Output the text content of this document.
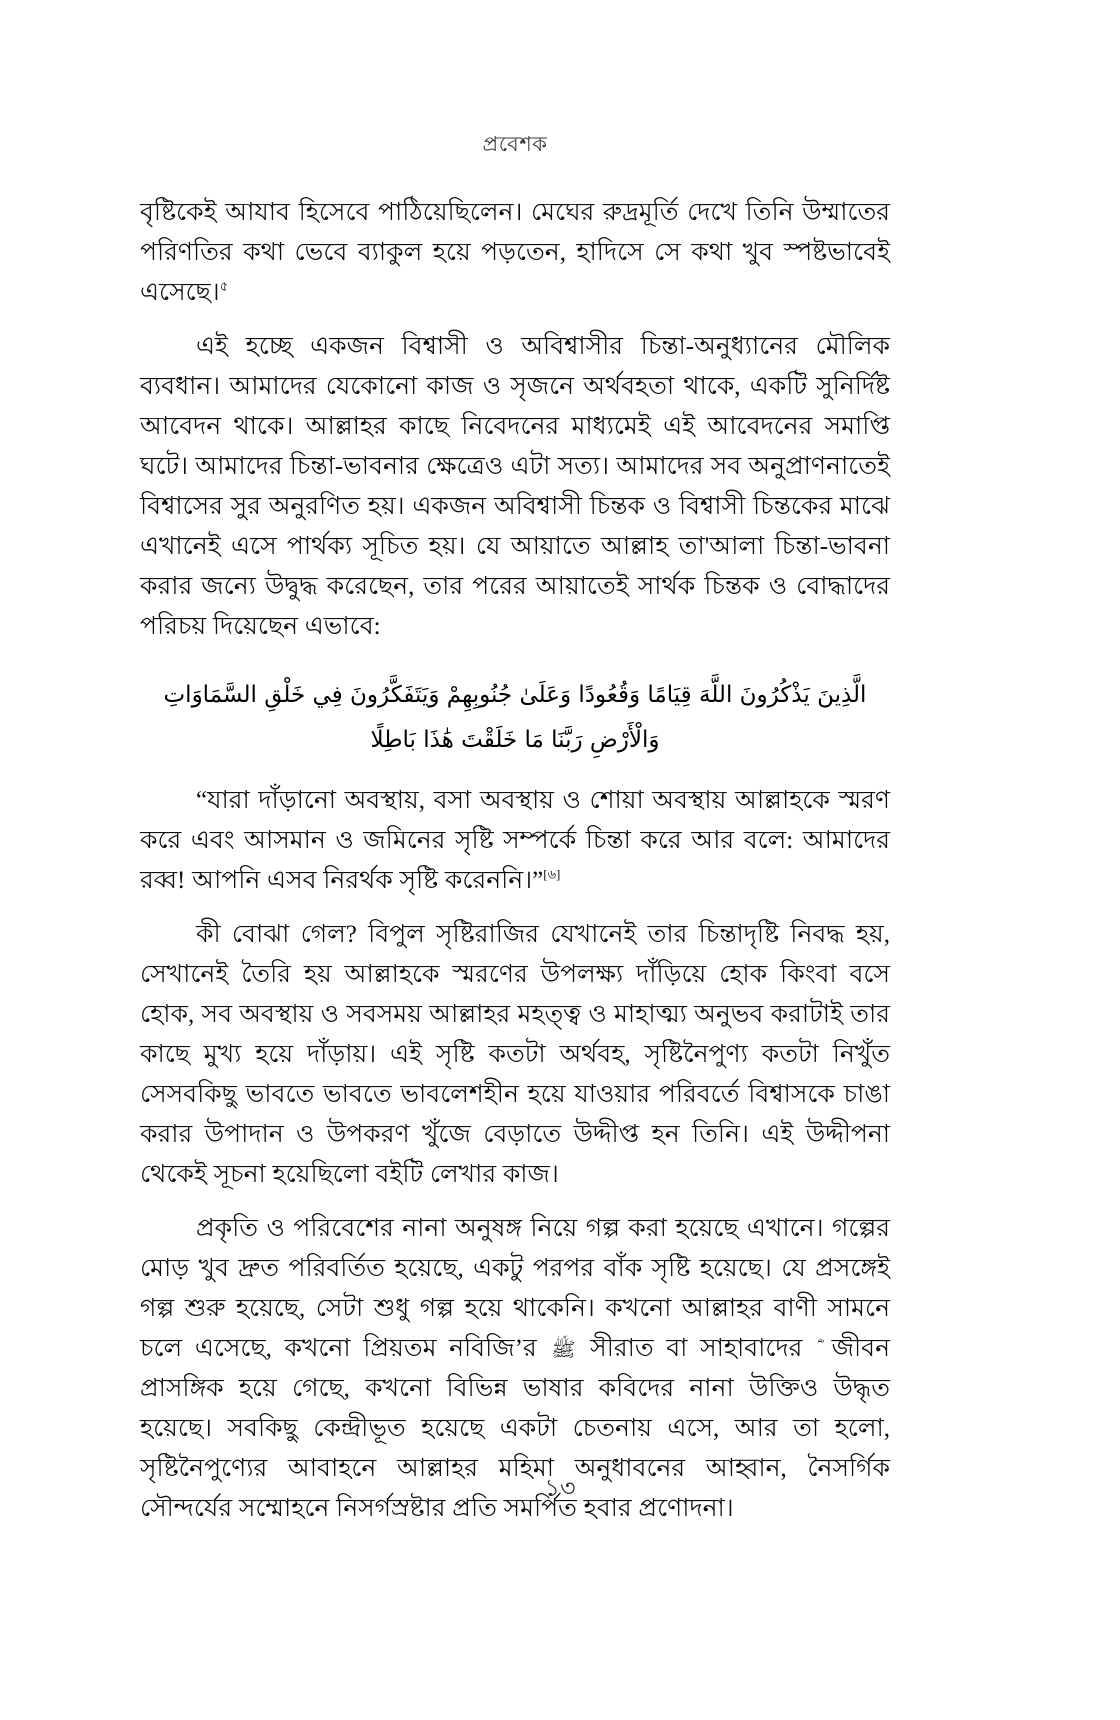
প্রবেশক

বৃষ্টিকেই আযাব হিসেবে পাঠিয়েছিলেন। মেঘের রুদ্রমূর্তি দেখে তিনি উম্মাতের পরিণতির কথা ভেবে ব্যাকুল হয়ে পড়তেন, হাদিসে সে কথা খুব স্পষ্টভাবেই এসেছে।$^৫$

এই হচ্ছে একজন বিশ্বাসী ও অবিশ্বাসীর চিন্তা-অনুধ্যানের মৌলিক ব্যবধান। আমাদের যেকোনো কাজ ও সৃজনে অর্থবহতা থাকে, একটি সুনির্দিষ্ট আবেদন থাকে। আল্লাহর কাছে নিবেদনের মাধ্যমেই এই আবেদনের সমাপ্তি ঘটে। আমাদের চিন্তা-ভাবনার ক্ষেত্রেও এটা সত্য। আমাদের সব অনুপ্রাণনাতেই বিশ্বাসের সুর অনুরণিত হয়। একজন অবিশ্বাসী চিন্তক ও বিশ্বাসী চিন্তকের মাঝে এখানেই এসে পার্থক্য সূচিত হয়। যে আয়াতে আল্লাহ তা'আলা চিন্তা-ভাবনা করার জন্যে উদ্বুদ্ধ করেছেন, তার পরের আয়াতেই সার্থক চিন্তক ও বোদ্ধাদের পরিচয় দিয়েছেন এভাবে:

الَّذِينَ يَذْكُرُونَ اللَّهَ قِيَامًا وَقُعُودًا وَعَلَىٰ جُنُوبِهِمْ وَيَتَفَكَّرُونَ فِي خَلْقِ السَّمَاوَاتِ
وَالْأَرْضِ رَبَّنَا مَا خَلَقْتَ هَٰذَا بَاطِلًا

“যারা দাঁড়ানো অবস্থায়, বসা অবস্থায় ও শোয়া অবস্থায় আল্লাহকে স্মরণ করে এবং আসমান ও জমিনের সৃষ্টি সম্পর্কে চিন্তা করে আর বলে: আমাদের রব্ব! আপনি এসব নিরর্থক সৃষ্টি করেননি।”[৬]

কী বোঝা গেল? বিপুল সৃষ্টিরাজির যেখানেই তার চিন্তাদৃষ্টি নিবদ্ধ হয়, সেখানেই তৈরি হয় আল্লাহকে স্মরণের উপলক্ষ্য দাঁড়িয়ে হোক কিংবা বসে হোক, সব অবস্থায় ও সবসময় আল্লাহর মহত্ত্ব ও মাহাত্ম্য অনুভব করাটাই তার কাছে মুখ্য হয়ে দাঁড়ায়। এই সৃষ্টি কতটা অর্থবহ, সৃষ্টিনৈপুণ্য কতটা নিখুঁত সেসবকিছু ভাবতে ভাবতে ভাবলেশহীন হয়ে যাওয়ার পরিবর্তে বিশ্বাসকে চাঙা করার উপাদান ও উপকরণ খুঁজে বেড়াতে উদ্দীপ্ত হন তিনি। এই উদ্দীপনা থেকেই সূচনা হয়েছিলো বইটি লেখার কাজ।

প্রকৃতি ও পরিবেশের নানা অনুষঙ্গ নিয়ে গল্প করা হয়েছে এখানে। গল্পের মোড় খুব দ্রুত পরিবর্তিত হয়েছে, একটু পরপর বাঁক সৃষ্টি হয়েছে। যে প্রসঙ্গেই গল্প শুরু হয়েছে, সেটা শুধু গল্প হয়ে থাকেনি। কখনো আল্লাহর বাণী সামনে চলে এসেছে, কখনো প্রিয়তম নবিজি’র ﷺ সীরাত বা সাহাবাদের জীবন প্রাসঙ্গিক হয়ে গেছে, কখনো বিভিন্ন ভাষার কবিদের নানা উক্তিও উদ্ধৃত হয়েছে। সবকিছু কেন্দ্রীভূত হয়েছে একটা চেতনায় এসে, আর তা হলো, সৃষ্টিনৈপুণ্যের আবাহনে আল্লাহর মহিমা অনুধাবনের আহ্বান, নৈসর্গিক সৌন্দর্যের সম্মোহনে নিসর্গস্রষ্টার প্রতি সমর্পিত হবার প্রণোদনা।

১৩
